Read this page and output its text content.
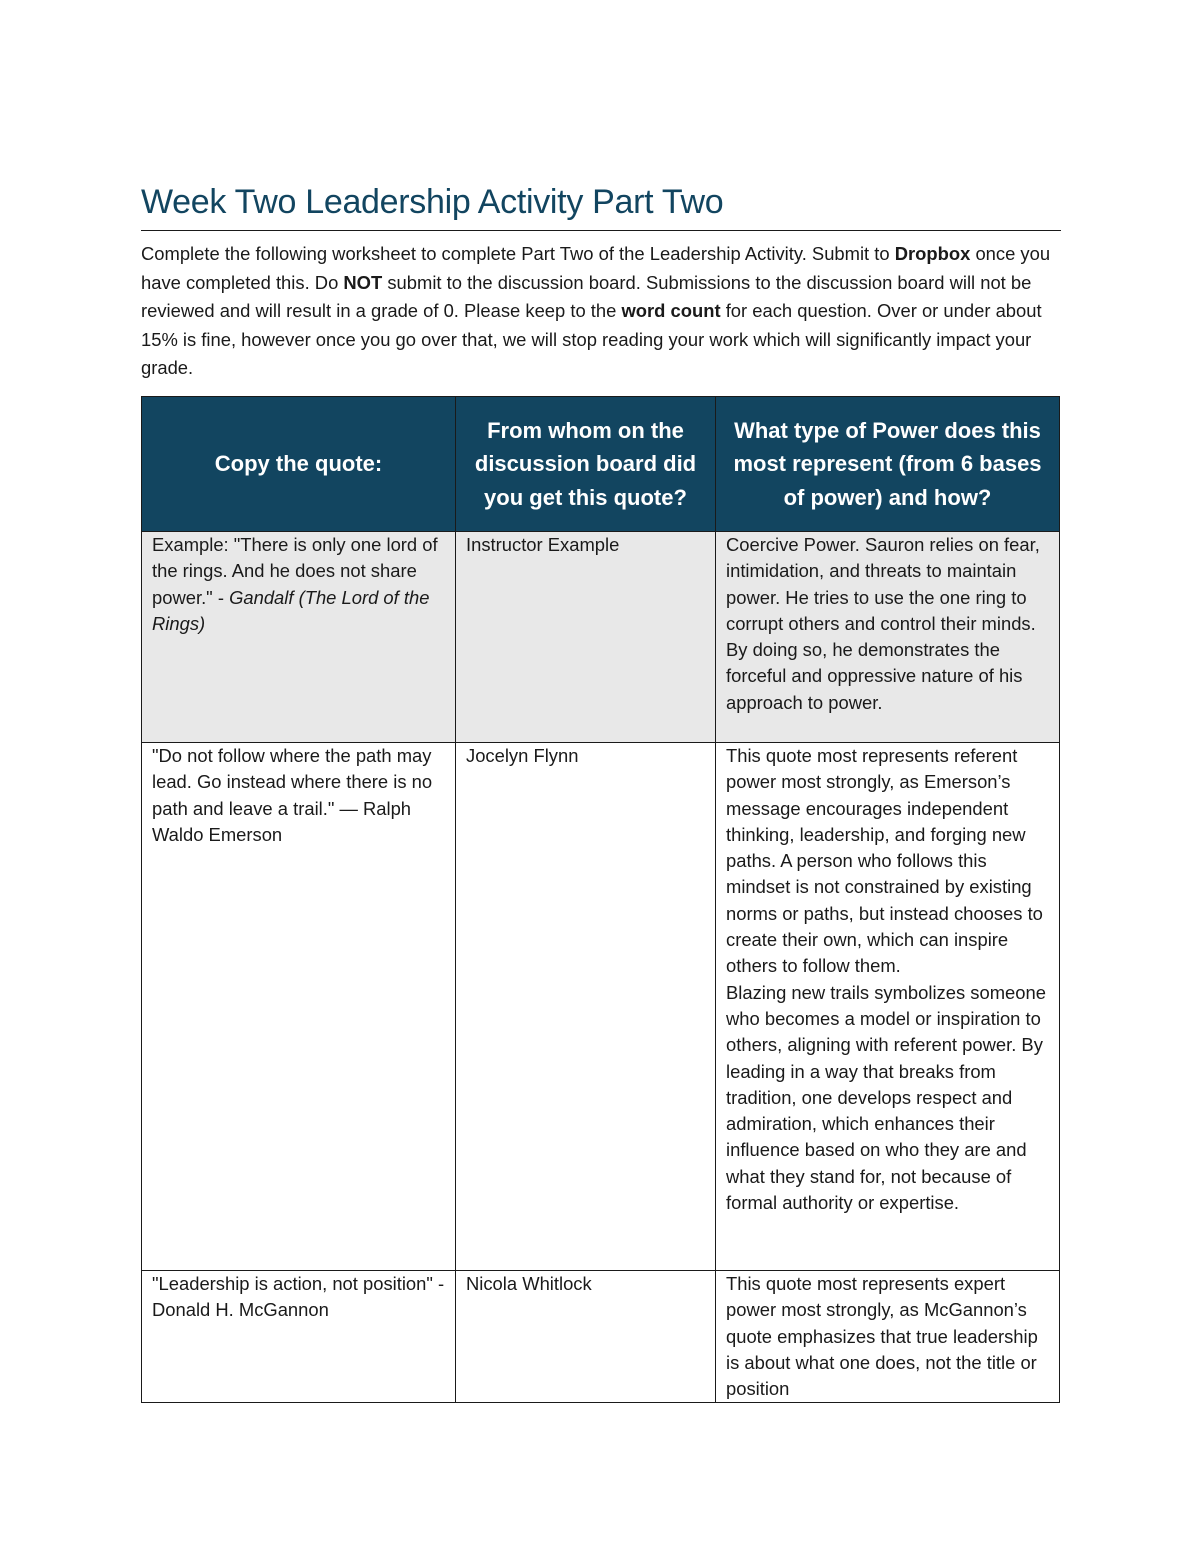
Week Two Leadership Activity Part Two
Complete the following worksheet to complete Part Two of the Leadership Activity. Submit to Dropbox once you have completed this. Do NOT submit to the discussion board. Submissions to the discussion board will not be reviewed and will result in a grade of 0. Please keep to the word count for each question. Over or under about 15% is fine, however once you go over that, we will stop reading your work which will significantly impact your grade.
Copy the quote:	From whom on the discussion board did you get this quote?	What type of Power does this most represent (from 6 bases of power) and how?
Example: "There is only one lord of the rings. And he does not share power." - Gandalf (The Lord of the Rings)	Instructor Example	Coercive Power. Sauron relies on fear, intimidation, and threats to maintain power. He tries to use the one ring to corrupt others and control their minds. By doing so, he demonstrates the forceful and oppressive nature of his approach to power.

"Do not follow where the path may lead. Go instead where there is no path and leave a trail." — Ralph Waldo Emerson	Jocelyn Flynn	This quote most represents referent power most strongly, as Emerson’s message encourages independent thinking, leadership, and forging new paths. A person who follows this mindset is not constrained by existing norms or paths, but instead chooses to create their own, which can inspire others to follow them.
Blazing new trails symbolizes someone who becomes a model or inspiration to others, aligning with referent power. By leading in a way that breaks from tradition, one develops respect and admiration, which enhances their influence based on who they are and what they stand for, not because of formal authority or expertise.

"Leadership is action, not position" - Donald H. McGannon	Nicola Whitlock	This quote most represents expert power most strongly, as McGannon’s quote emphasizes that true leadership is about what one does, not the title or position
